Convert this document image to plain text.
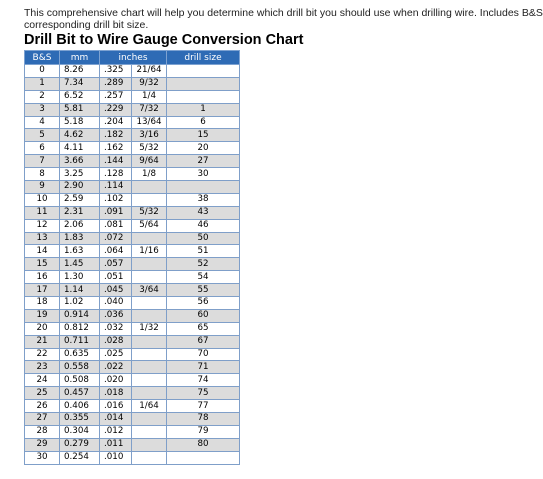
This comprehensive chart will help you determine which drill bit you should use when drilling wire. Includes B&S
corresponding drill bit size.
Drill Bit to Wire Gauge Conversion Chart
B&S	mm	inches		drill size
0	8.26	.325	21/64	
1	7.34	.289	9/32	
2	6.52	.257	1/4	
3	5.81	.229	7/32	1
4	5.18	.204	13/64	6
5	4.62	.182	3/16	15
6	4.11	.162	5/32	20
7	3.66	.144	9/64	27
8	3.25	.128	1/8	30
9	2.90	.114		
10	2.59	.102		38
11	2.31	.091	5/32	43
12	2.06	.081	5/64	46
13	1.83	.072		50
14	1.63	.064	1/16	51
15	1.45	.057		52
16	1.30	.051		54
17	1.14	.045	3/64	55
18	1.02	.040		56
19	0.914	.036		60
20	0.812	.032	1/32	65
21	0.711	.028		67
22	0.635	.025		70
23	0.558	.022		71
24	0.508	.020		74
25	0.457	.018		75
26	0.406	.016	1/64	77
27	0.355	.014		78
28	0.304	.012		79
29	0.279	.011		80
30	0.254	.010		
